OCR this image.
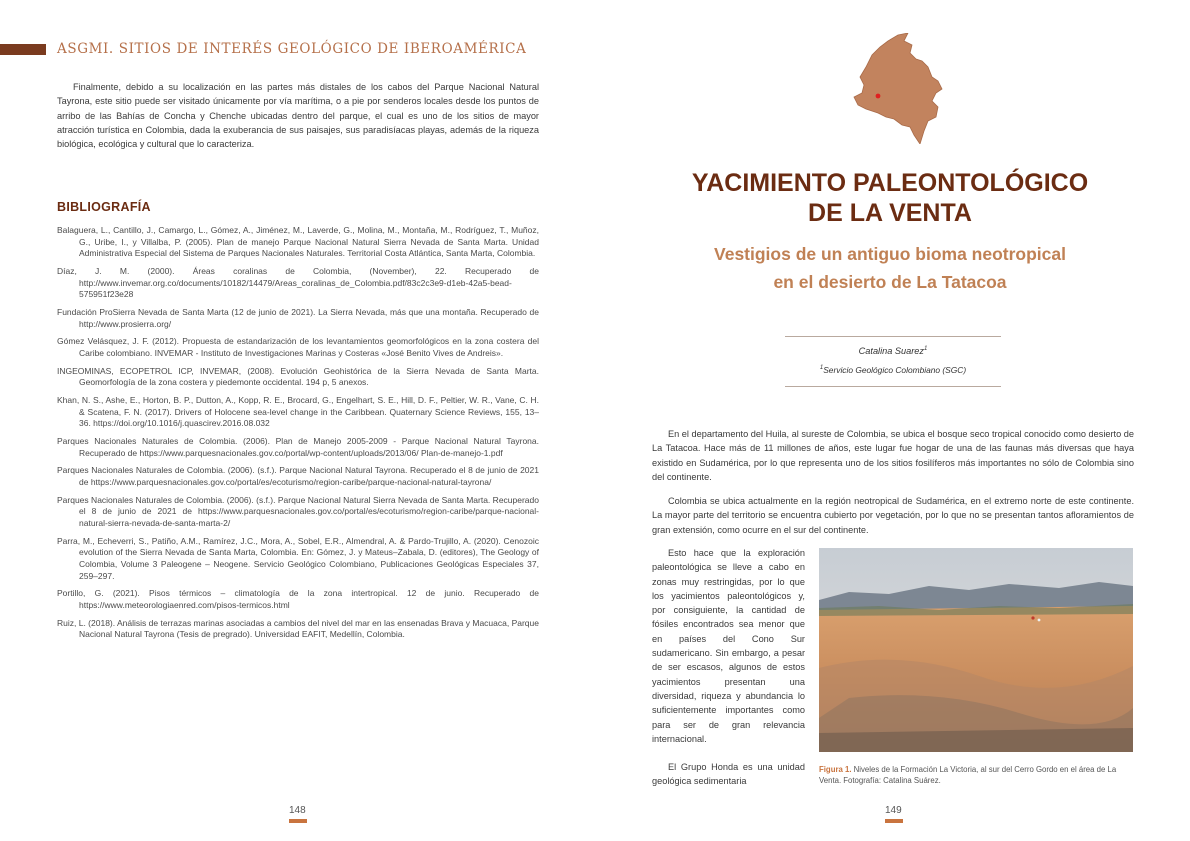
ASGMI. SITIOS DE INTERÉS GEOLÓGICO DE IBEROAMÉRICA

Finalmente, debido a su localización en las partes más distales de los cabos del Parque Nacional Natural Tayrona, este sitio puede ser visitado únicamente por vía marítima, o a pie por senderos locales desde los puntos de arribo de las Bahías de Concha y Chenche ubicadas dentro del parque, el cual es uno de los sitios de mayor atracción turística en Colombia, dada la exuberancia de sus paisajes, sus paradisíacas playas, además de la riqueza biológica, ecológica y cultural que lo caracteriza.

BIBLIOGRAFÍA

Balaguera, L., Cantillo, J., Camargo, L., Gómez, A., Jiménez, M., Laverde, G., Molina, M., Montaña, M., Rodríguez, T., Muñoz, G., Uribe, I., y Villalba, P. (2005). Plan de manejo Parque Nacional Natural Sierra Nevada de Santa Marta. Unidad Administrativa Especial del Sistema de Parques Nacionales Naturales. Territorial Costa Atlántica, Santa Marta, Colombia.

Díaz, J. M. (2000). Áreas coralinas de Colombia, (November), 22. Recuperado de http://www.invemar.org.co/documents/10182/14479/Areas_coralinas_de_Colombia.pdf/83c2c3e9-d1eb-42a5-bead-575951f23e28

Fundación ProSierra Nevada de Santa Marta (12 de junio de 2021). La Sierra Nevada, más que una montaña. Recuperado de http://www.prosierra.org/

Gómez Velásquez, J. F. (2012). Propuesta de estandarización de los levantamientos geomorfológicos en la zona costera del Caribe colombiano. INVEMAR - Instituto de Investigaciones Marinas y Costeras «José Benito Vives de Andreis».

INGEOMINAS, ECOPETROL ICP, INVEMAR, (2008). Evolución Geohistórica de la Sierra Nevada de Santa Marta. Geomorfología de la zona costera y piedemonte occidental. 194 p, 5 anexos.

Khan, N. S., Ashe, E., Horton, B. P., Dutton, A., Kopp, R. E., Brocard, G., Engelhart, S. E., Hill, D. F., Peltier, W. R., Vane, C. H. & Scatena, F. N. (2017). Drivers of Holocene sea-level change in the Caribbean. Quaternary Science Reviews, 155, 13–36. https://doi.org/10.1016/j.quascirev.2016.08.032

Parques Nacionales Naturales de Colombia. (2006). Plan de Manejo 2005-2009 - Parque Nacional Natural Tayrona. Recuperado de https://www.parquesnacionales.gov.co/portal/wp-content/uploads/2013/06/ Plan-de-manejo-1.pdf

Parques Nacionales Naturales de Colombia. (2006). (s.f.). Parque Nacional Natural Tayrona. Recuperado el 8 de junio de 2021 de https://www.parquesnacionales.gov.co/portal/es/ecoturismo/region-caribe/parque-nacional-natural-tayrona/

Parques Nacionales Naturales de Colombia. (2006). (s.f.). Parque Nacional Natural Sierra Nevada de Santa Marta. Recuperado el 8 de junio de 2021 de https://www.parquesnacionales.gov.co/portal/es/ecoturismo/region-caribe/parque-nacional-natural-sierra-nevada-de-santa-marta-2/

Parra, M., Echeverri, S., Patiño, A.M., Ramírez, J.C., Mora, A., Sobel, E.R., Almendral, A. & Pardo-Trujillo, A. (2020). Cenozoic evolution of the Sierra Nevada de Santa Marta, Colombia. En: Gómez, J. y Mateus–Zabala, D. (editores), The Geology of Colombia, Volume 3 Paleogene – Neogene. Servicio Geológico Colombiano, Publicaciones Geológicas Especiales 37, 259–297.

Portillo, G. (2021). Pisos térmicos – climatología de la zona intertropical. 12 de junio. Recuperado de https://www.meteorologiaenred.com/pisos-termicos.html

Ruiz, L. (2018). Análisis de terrazas marinas asociadas a cambios del nivel del mar en las ensenadas Brava y Macuaca, Parque Nacional Natural Tayrona (Tesis de pregrado). Universidad EAFIT, Medellín, Colombia.

148
YACIMIENTO PALEONTOLÓGICO
DE LA VENTA
Vestigios de un antiguo bioma neotropical
en el desierto de La Tatacoa
Catalina Suarez$^1$
$^1$Servicio Geológico Colombiano (SGC)

En el departamento del Huila, al sureste de Colombia, se ubica el bosque seco tropical conocido como desierto de La Tatacoa. Hace más de 11 millones de años, este lugar fue hogar de una de las faunas más diversas que haya existido en Sudamérica, por lo que representa uno de los sitios fosilíferos más importantes no sólo de Colombia sino del continente.

Colombia se ubica actualmente en la región neotropical de Sudamérica, en el extremo norte de este continente. La mayor parte del territorio se encuentra cubierto por vegetación, por lo que no se presentan tantos afloramientos de gran extensión, como ocurre en el sur del continente.

Esto hace que la exploración paleontológica se lleve a cabo en zonas muy restringidas, por lo que los yacimientos paleontológicos y, por consiguiente, la cantidad de fósiles encontrados sea menor que en países del Cono Sur sudamericano. Sin embargo, a pesar de ser escasos, algunos de estos yacimientos presentan una diversidad, riqueza y abundancia lo suficientemente importantes como para ser de gran relevancia internacional.

El Grupo Honda es una unidad geológica sedimentaria

Figura 1. Niveles de la Formación La Victoria, al sur del Cerro Gordo en el área de La Venta. Fotografía: Catalina Suárez.

149
